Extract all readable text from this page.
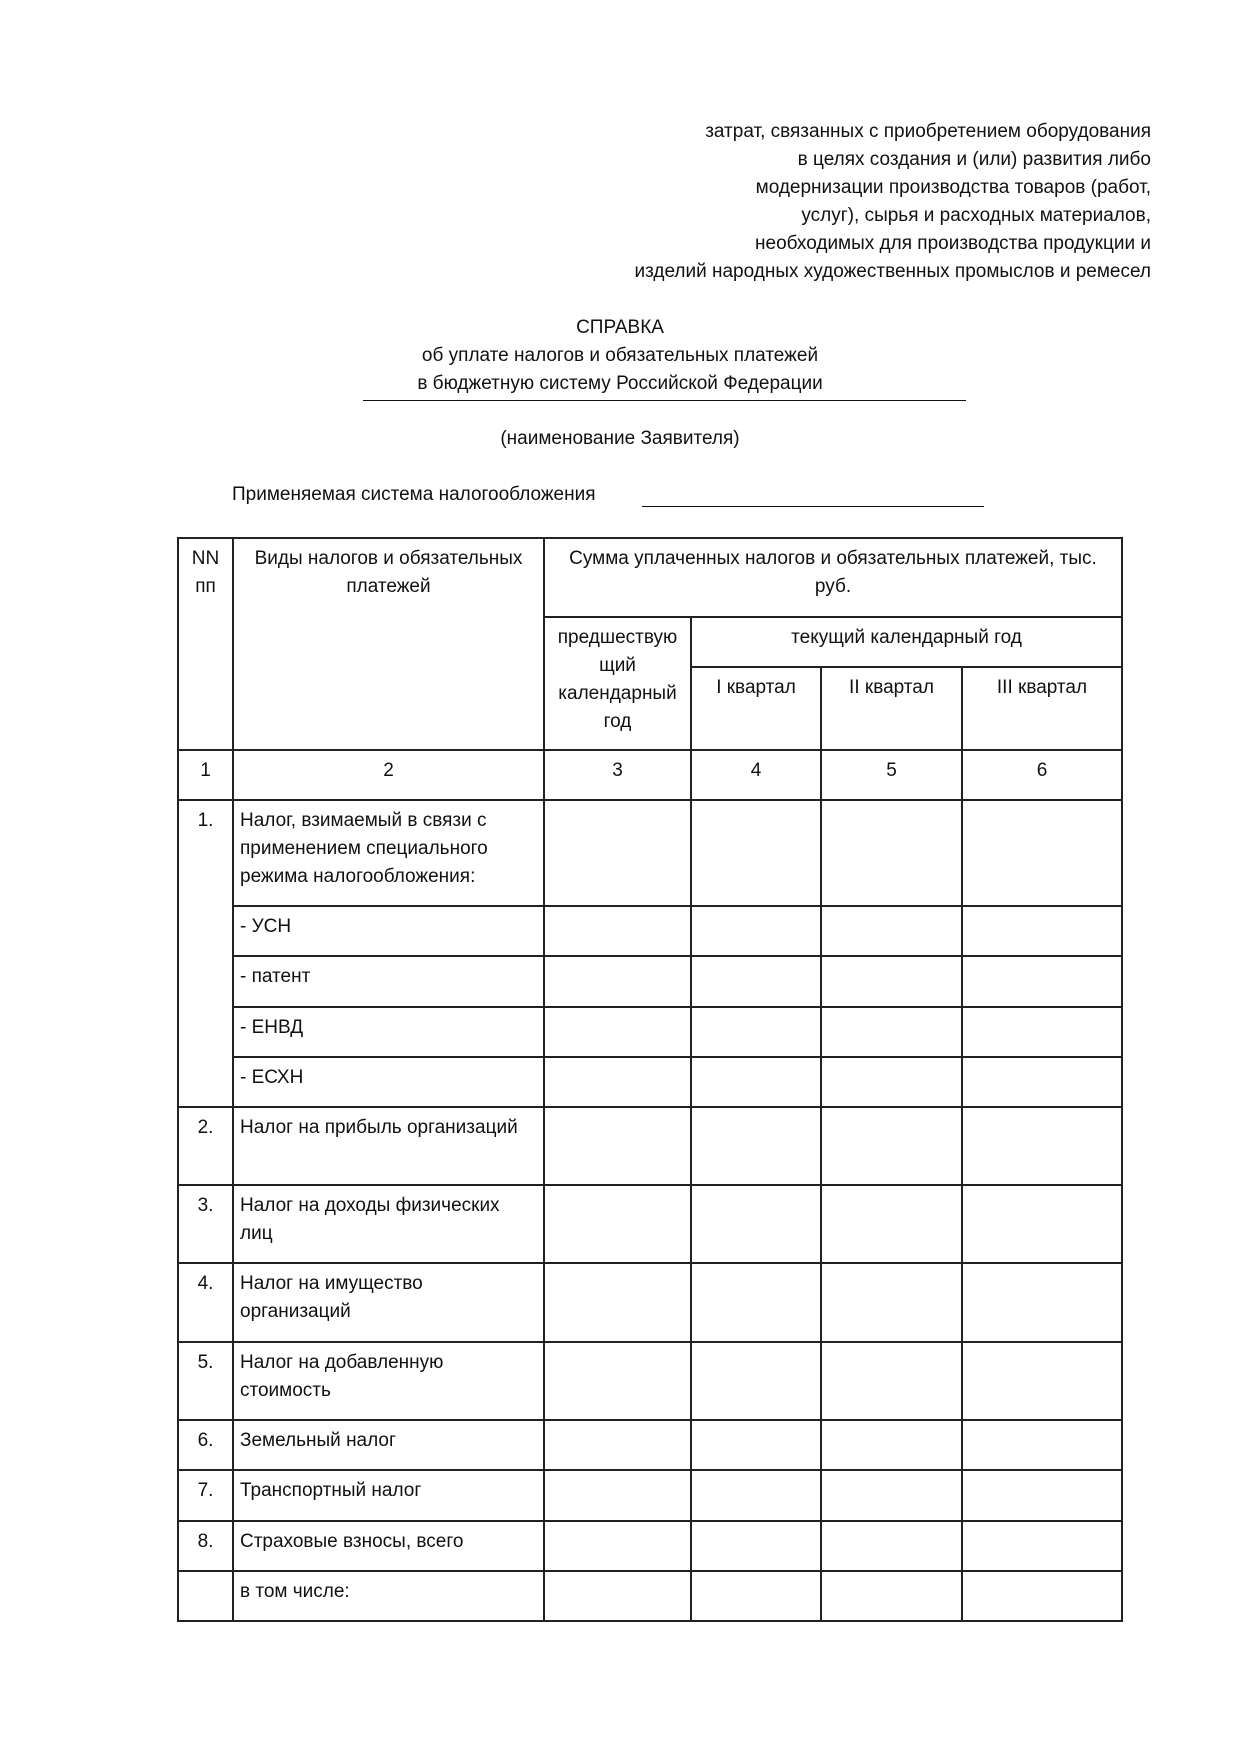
затрат, связанных с приобретением оборудования
в целях создания и (или) развития либо
модернизации производства товаров (работ,
услуг), сырья и расходных материалов,
необходимых для производства продукции и
изделий народных художественных промыслов и ремесел
СПРАВКА
об уплате налогов и обязательных платежей
в бюджетную систему Российской Федерации
(наименование Заявителя)
Применяемая система налогообложения
NN пп	Виды налогов и обязательных платежей	Сумма уплаченных налогов и обязательных платежей, тыс. руб.			
		предшествую щий календарный год	текущий календарный год		
			I квартал	II квартал	III квартал
1	2	3	4	5	6
1.	Налог, взимаемый в связи с применением специального режима налогообложения:				
	- УСН				
	- патент				
	- ЕНВД				
	- ЕСХН				
2.	Налог на прибыль организаций				
3.	Налог на доходы физических лиц				
4.	Налог на имущество организаций				
5.	Налог на добавленную стоимость				
6.	Земельный налог				
7.	Транспортный налог				
8.	Страховые взносы, всего				
	в том числе:				
